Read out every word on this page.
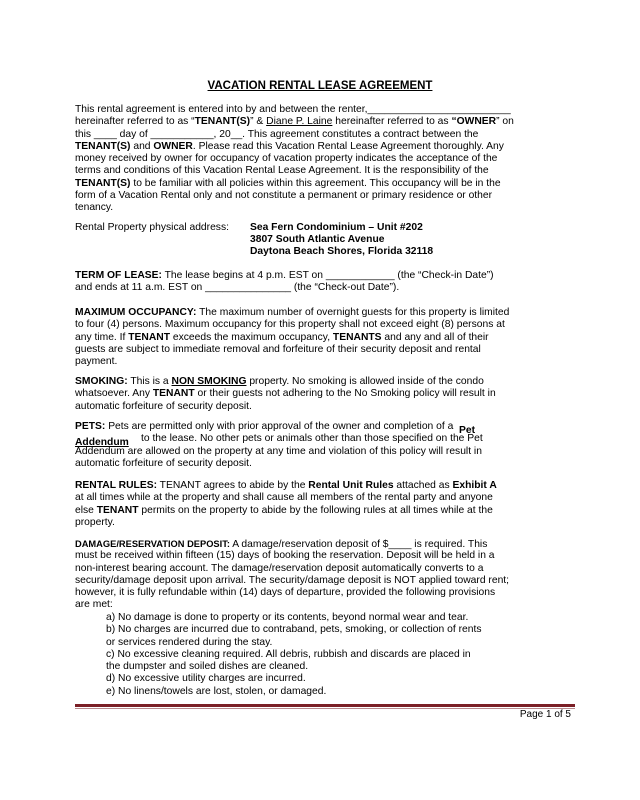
VACATION RENTAL LEASE AGREEMENT
This rental agreement is entered into by and between the renter,_________________________
hereinafter referred to as “TENANT(S)” & Diane P. Laine hereinafter referred to as “OWNER” on
this ____ day of ___________, 20__. This agreement constitutes a contract between the
TENANT(S) and OWNER. Please read this Vacation Rental Lease Agreement thoroughly. Any
money received by owner for occupancy of vacation property indicates the acceptance of the
terms and conditions of this Vacation Rental Lease Agreement. It is the responsibility of the
TENANT(S) to be familiar with all policies within this agreement. This occupancy will be in the
form of a Vacation Rental only and not constitute a permanent or primary residence or other
tenancy.
Rental Property physical address:	Sea Fern Condominium – Unit #202
3807 South Atlantic Avenue
Daytona Beach Shores, Florida 32118
TERM OF LEASE: The lease begins at 4 p.m. EST on ____________ (the “Check-in Date”)
and ends at 11 a.m. EST on _______________ (the “Check-out Date”).
MAXIMUM OCCUPANCY: The maximum number of overnight guests for this property is limited
to four (4) persons. Maximum occupancy for this property shall not exceed eight (8) persons at
any time. If TENANT exceeds the maximum occupancy, TENANTS and any and all of their
guests are subject to immediate removal and forfeiture of their security deposit and rental
payment.
SMOKING: This is a NON SMOKING property. No smoking is allowed inside of the condo
whatsoever. Any TENANT or their guests not adhering to the No Smoking policy will result in
automatic forfeiture of security deposit.
PETS: Pets are permitted only with prior approval of the owner and completion of a Pet
Addendum to the lease. No other pets or animals other than those specified on the Pet
Addendum are allowed on the property at any time and violation of this policy will result in
automatic forfeiture of security deposit.
RENTAL RULES: TENANT agrees to abide by the Rental Unit Rules attached as Exhibit A
at all times while at the property and shall cause all members of the rental party and anyone
else TENANT permits on the property to abide by the following rules at all times while at the
property.
DAMAGE/RESERVATION DEPOSIT: A damage/reservation deposit of $____ is required. This
must be received within fifteen (15) days of booking the reservation. Deposit will be held in a
non-interest bearing account. The damage/reservation deposit automatically converts to a
security/damage deposit upon arrival. The security/damage deposit is NOT applied toward rent;
however, it is fully refundable within (14) days of departure, provided the following provisions
are met:
a) No damage is done to property or its contents, beyond normal wear and tear.
b) No charges are incurred due to contraband, pets, smoking, or collection of rents
or services rendered during the stay.
c) No excessive cleaning required. All debris, rubbish and discards are placed in
the dumpster and soiled dishes are cleaned.
d) No excessive utility charges are incurred.
e) No linens/towels are lost, stolen, or damaged.
Page 1 of 5
